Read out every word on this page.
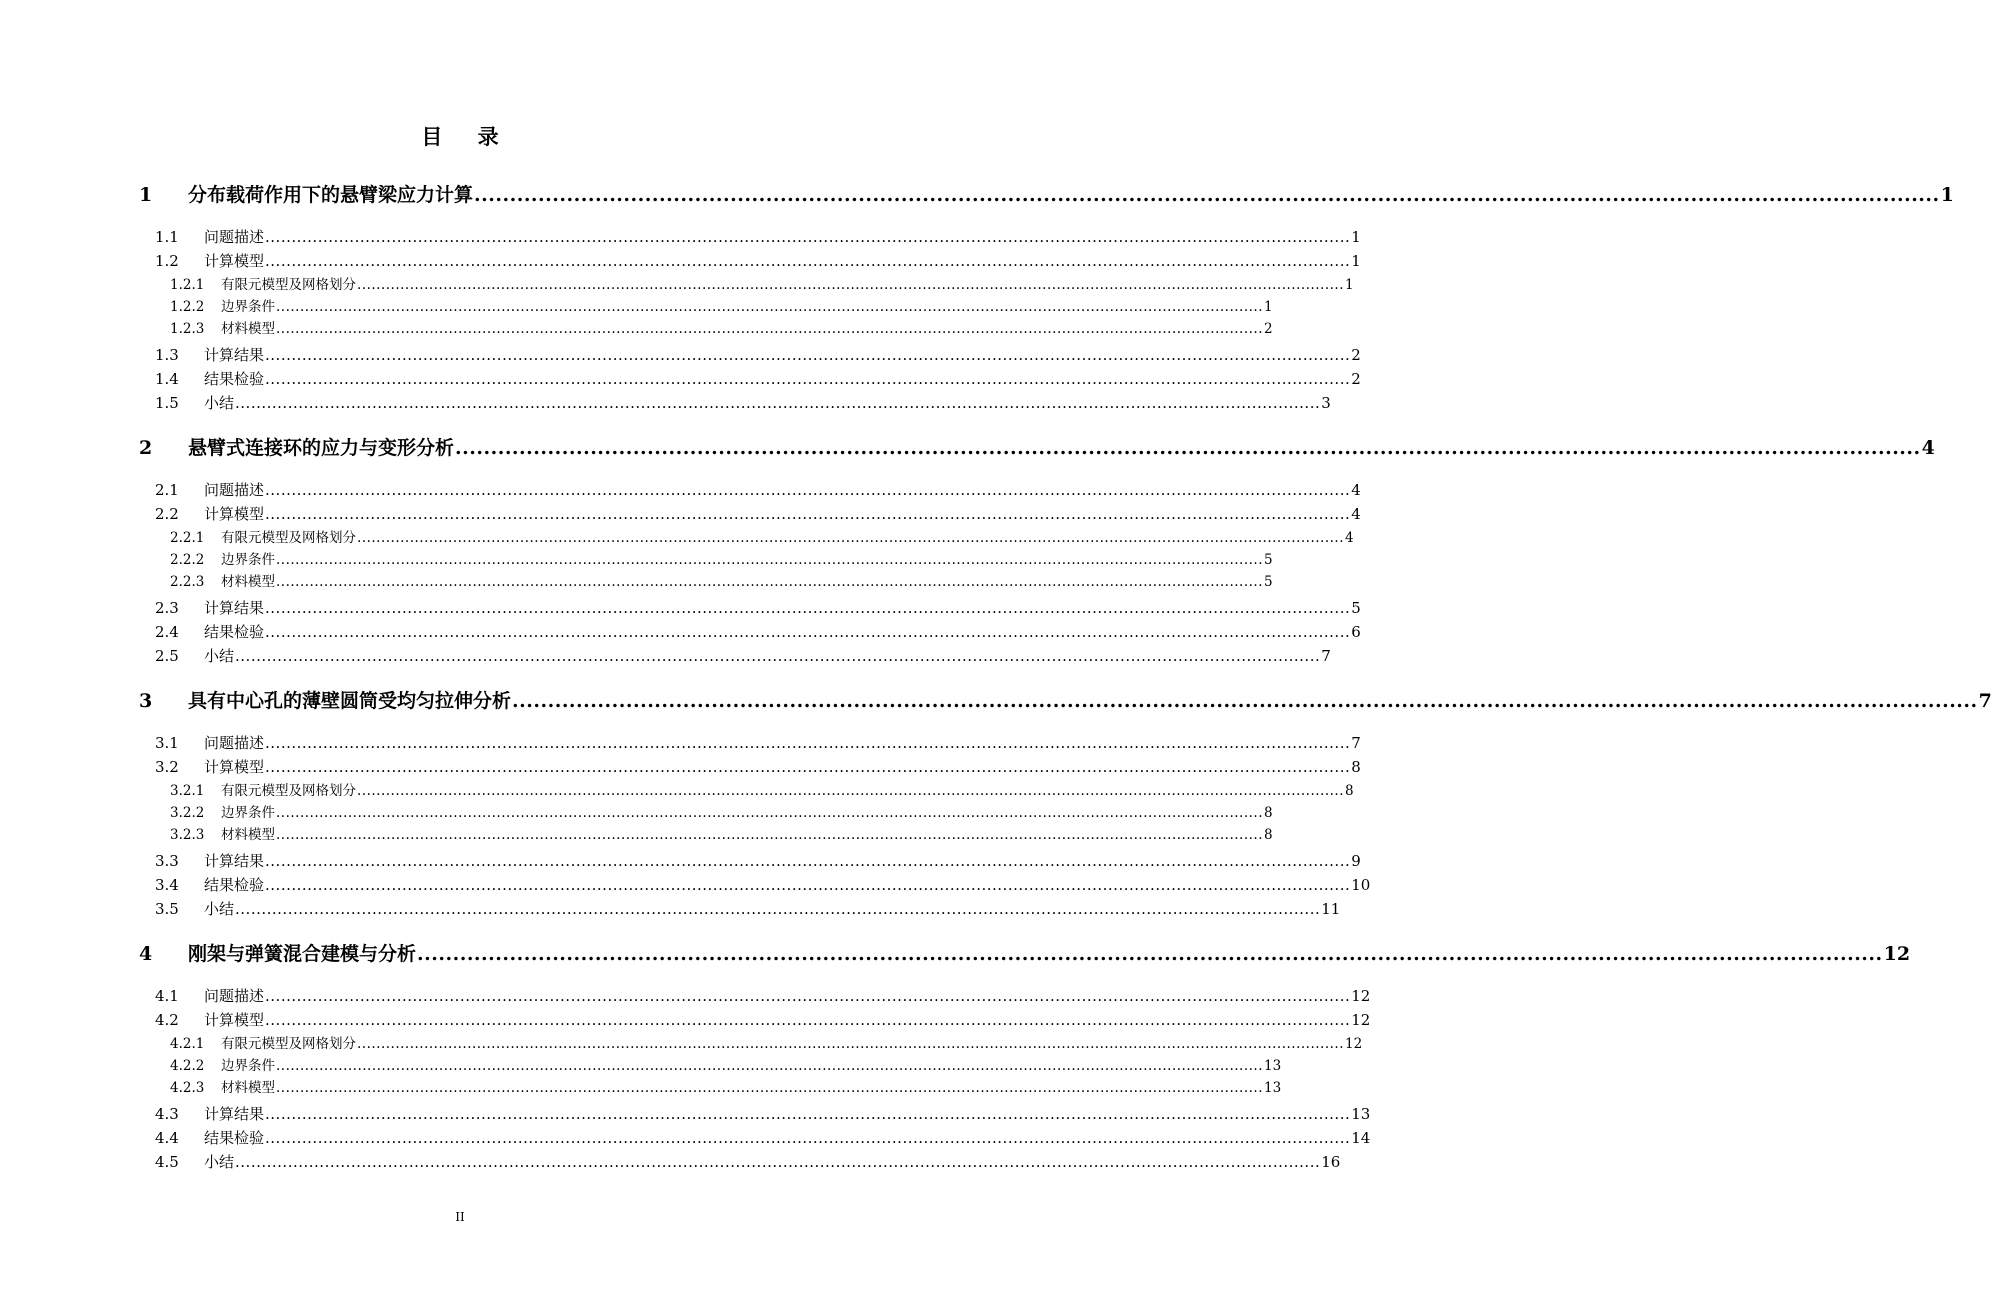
目 录
1	分布载荷作用下的悬臂梁应力计算 .............................................................................................................................................................................................................. 1
1.1	问题描述 .............................................................................................................................................................................................................. 1
1.2	计算模型 .............................................................................................................................................................................................................. 1
1.2.1	有限元模型及网格划分 .............................................................................................................................................................................................................. 1
1.2.2	边界条件 .............................................................................................................................................................................................................. 1
1.2.3	材料模型 .............................................................................................................................................................................................................. 2
1.3	计算结果 .............................................................................................................................................................................................................. 2
1.4	结果检验 .............................................................................................................................................................................................................. 2
1.5	小结 .............................................................................................................................................................................................................. 3
2	悬臂式连接环的应力与变形分析 .............................................................................................................................................................................................................. 4
2.1	问题描述 .............................................................................................................................................................................................................. 4
2.2	计算模型 .............................................................................................................................................................................................................. 4
2.2.1	有限元模型及网格划分 .............................................................................................................................................................................................................. 4
2.2.2	边界条件 .............................................................................................................................................................................................................. 5
2.2.3	材料模型 .............................................................................................................................................................................................................. 5
2.3	计算结果 .............................................................................................................................................................................................................. 5
2.4	结果检验 .............................................................................................................................................................................................................. 6
2.5	小结 .............................................................................................................................................................................................................. 7
3	具有中心孔的薄壁圆筒受均匀拉伸分析 .............................................................................................................................................................................................................. 7
3.1	问题描述 .............................................................................................................................................................................................................. 7
3.2	计算模型 .............................................................................................................................................................................................................. 8
3.2.1	有限元模型及网格划分 .............................................................................................................................................................................................................. 8
3.2.2	边界条件 .............................................................................................................................................................................................................. 8
3.2.3	材料模型 .............................................................................................................................................................................................................. 8
3.3	计算结果 .............................................................................................................................................................................................................. 9
3.4	结果检验 .............................................................................................................................................................................................................. 10
3.5	小结 .............................................................................................................................................................................................................. 11
4	刚架与弹簧混合建模与分析 .............................................................................................................................................................................................................. 12
4.1	问题描述 .............................................................................................................................................................................................................. 12
4.2	计算模型 .............................................................................................................................................................................................................. 12
4.2.1	有限元模型及网格划分 .............................................................................................................................................................................................................. 12
4.2.2	边界条件 .............................................................................................................................................................................................................. 13
4.2.3	材料模型 .............................................................................................................................................................................................................. 13
4.3	计算结果 .............................................................................................................................................................................................................. 13
4.4	结果检验 .............................................................................................................................................................................................................. 14
4.5	小结 .............................................................................................................................................................................................................. 16
II
